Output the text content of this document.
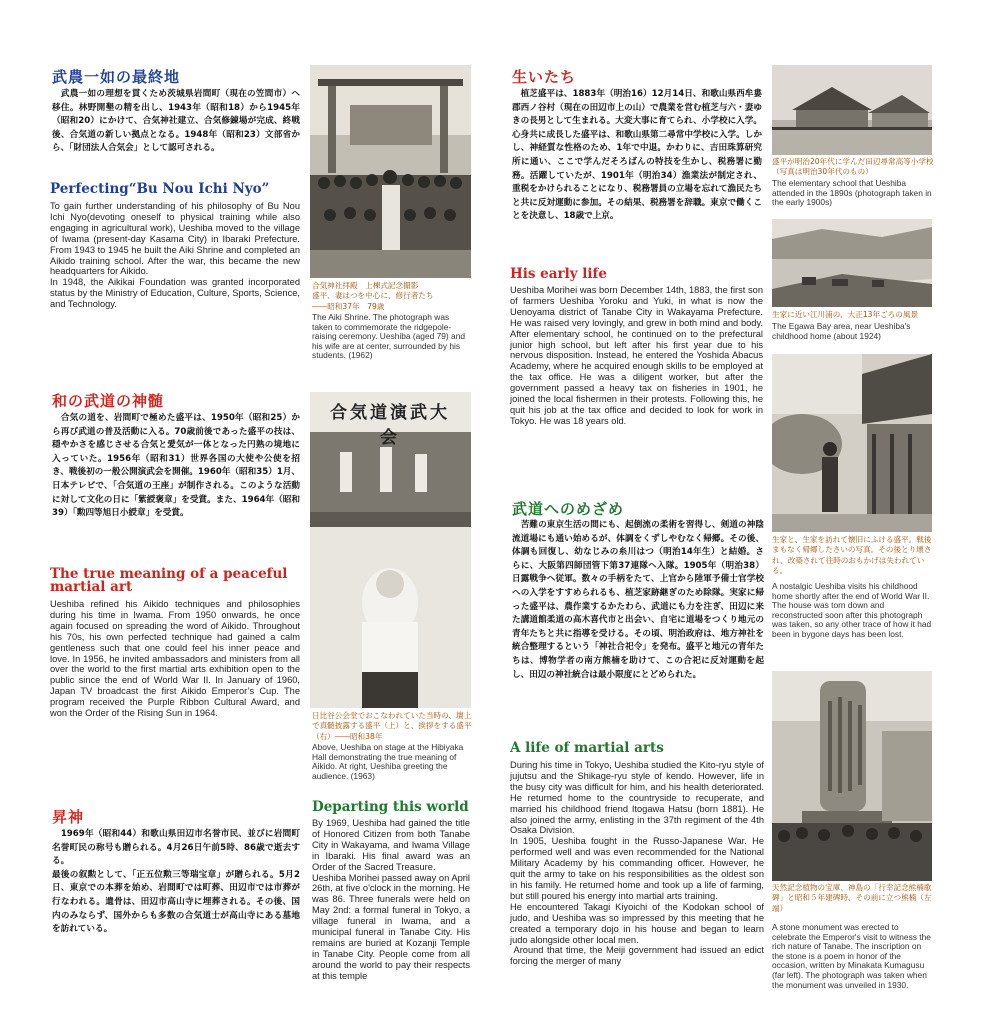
武農一如の最終地

　武農一如の理想を貫くため茨城県岩間町（現在の笠間市）へ移住。林野開墾の精を出し、1943年（昭和18）から1945年（昭和20）にかけて、合気神社建立、合気修錬場が完成、終戦後、合気道の新しい拠点となる。1948年（昭和23）文部省から、「財団法人合気会」として認可される。

Perfecting“Bu Nou Ichi Nyo”

To gain further understanding of his philosophy of Bu Nou Ichi Nyo(devoting oneself to physical training while also engaging in agricultural work), Ueshiba moved to the village of Iwama (present-day Kasama City) in Ibaraki Prefecture. From 1943 to 1945 he built the Aiki Shrine and completed an Aikido training school. After the war, this became the new headquarters for Aikido.
In 1948, the Aikikai Foundation was granted incorporated status by the Ministry of Education, Culture, Sports, Science, and Technology.

和の武道の神髄

　合気の道を、岩間町で極めた盛平は、1950年（昭和25）から再び武道の普及活動に入る。70歳前後であった盛平の技は、穏やかさを感じさせる合気と愛気が一体となった円熟の境地に入っていた。1956年（昭和31）世界各国の大使や公使を招き、戦後初の一般公開演武会を開催。1960年（昭和35）1月、日本テレビで、「合気道の王座」が制作される。このような活動に対して文化の日に「紫綬褒章」を受賞。また、1964年（昭和39）「勲四等旭日小綬章」を受賞。

The true meaning of a peaceful martial art

Ueshiba refined his Aikido techniques and philosophies during his time in Iwama. From 1950 onwards, he once again focused on spreading the word of Aikido. Throughout his 70s, his own perfected technique had gained a calm gentleness such that one could feel his inner peace and love. In 1956, he invited ambassadors and ministers from all over the world to the first martial arts exhibition open to the public since the end of World War II. In January of 1960, Japan TV broadcast the first Aikido Emperor’s Cup. The program received the Purple Ribbon Cultural Award, and won the Order of the Rising Sun in 1964.

昇神

　1969年（昭和44）和歌山県田辺市名誉市民、並びに岩間町名誉町民の称号も贈られる。4月26日午前5時、86歳で逝去する。
最後の叙勲として、「正五位勲三等瑞宝章」が贈られる。5月2日、東京での本葬を始め、岩間町では町葬、田辺市では市葬が行なわれる。遺骨は、田辺市高山寺に埋葬される。その後、国内のみならず、国外からも多数の合気道士が高山寺にある墓地を訪れている。

合気神社拝殿　上棟式記念撮影
盛平、妻はつを中心に、修行者たち
――昭和37年　79歳

The Aiki Shrine. The photograph was taken to commemorate the ridgepole-raising ceremony. Ueshiba (aged 79) and his wife are at center, surrounded by his students. (1962)

合気道演武大会

日比谷公会堂でおこなわれていた当時の、壇上で真髄披露する盛平（上）と、挨拶をする盛平（右）――昭和38年

Above, Ueshiba on stage at the Hibiyaka Hall demonstrating the true meaning of Aikido. At right, Ueshiba greeting the audience. (1963)

Departing this world

By 1969, Ueshiba had gained the title of Honored Citizen from both Tanabe City in Wakayama, and Iwama Village in Ibaraki. His final award was an Order of the Sacred Treasure.
Ueshiba Morihei passed away on April 26th, at five o'clock in the morning. He was 86. Three funerals were held on May 2nd: a formal funeral in Tokyo, a village funeral in Iwama, and a municipal funeral in Tanabe City. His remains are buried at Kozanji Temple in Tanabe City. People come from all around the world to pay their respects at this temple

生いたち

　植芝盛平は、1883年（明治16）12月14日、和歌山県西牟婁郡西ノ谷村（現在の田辺市上の山）で農業を営む植芝与六・妻ゆきの長男として生まれる。大変大事に育てられ、小学校に入学。心身共に成長した盛平は、和歌山県第二尋常中学校に入学。しかし、神経質な性格のため、1年で中退。かわりに、吉田珠算研究所に通い、ここで学んだそろばんの特技を生かし、税務署に勤務。活躍していたが、1901年（明治34）漁業法が制定され、重税をかけられることになり、税務署員の立場を忘れて漁民たちと共に反対運動に参加。その結果、税務署を辞職。東京で働くことを決意し、18歳で上京。

His early life

Ueshiba Morihei was born December 14th, 1883, the first son of farmers Ueshiba Yoroku and Yuki, in what is now the Uenoyama district of Tanabe City in Wakayama Prefecture. He was raised very lovingly, and grew in both mind and body. After elementary school, he continued on to the prefectural junior high school, but left after his first year due to his nervous disposition. Instead, he entered the Yoshida Abacus Academy, where he acquired enough skills to be employed at the tax office. He was a diligent worker, but after the government passed a heavy tax on fisheries in 1901, he joined the local fishermen in their protests. Following this, he quit his job at the tax office and decided to look for work in Tokyo. He was 18 years old.

武道へのめざめ

　苦難の東京生活の間にも、起倒流の柔術を習得し、剣道の神陰流道場にも通い始めるが、体調をくずしやむなく帰郷。その後、体調も回復し、幼なじみの糸川はつ（明治14年生）と結婚。さらに、大阪第四師団管下第37連隊へ入隊。1905年（明治38）日露戦争へ従軍。数々の手柄をたて、上官から陸軍予備士官学校への入学をすすめられるも、植芝家跡継ぎのため除隊。実家に帰った盛平は、農作業するかたわら、武道にも力を注ぎ、田辺に来た講道館柔道の高木喜代市と出会い、自宅に道場をつくり地元の青年たちと共に指導を受ける。その頃、明治政府は、地方神社を統合整理するという「神社合祀令」を発布。盛平と地元の青年たちは、博物学者の南方熊楠を助けて、この合祀に反対運動を起し、田辺の神社統合は最小限度にとどめられた。

A life of martial arts

During his time in Tokyo, Ueshiba studied the Kito-ryu style of jujutsu and the Shikage-ryu style of kendo. However, life in the busy city was difficult for him, and his health deteriorated. He returned home to the countryside to recuperate, and married his childhood friend Itogawa Hatsu (born 1881). He also joined the army, enlisting in the 37th regiment of the 4th Osaka Division.
In 1905, Ueshiba fought in the Russo-Japanese War. He performed well and was even recommended for the National Military Academy by his commanding officer. However, he quit the army to take on his responsibilities as the oldest son in his family. He returned home and took up a life of farming, but still poured his energy into martial arts training.
He encountered Takagi Kiyoichi of the Kodokan school of judo, and Ueshiba was so impressed by this meeting that he created a temporary dojo in his house and began to learn judo alongside other local men.
Around that time, the Meiji government had issued an edict forcing the merger of many

盛平が明治20年代に学んだ田辺尋常高等小学校（写真は明治30年代のもの）

The elementary school that Ueshiba attended in the 1890s (photograph taken in the early 1900s)

生家に近い江川浦の、大正13年ごろの風景

The Egawa Bay area, near Ueshiba's childhood home (about 1924)

生家と、生家を訪れて懐旧にふける盛平。戦後まもなく帰郷したさいの写真。その後とり壊され、改築されて往時のおもかげは失われている。

A nostalgic Ueshiba visits his childhood home shortly after the end of World War II. The house was torn down and reconstructed soon after this photograph was taken, so any other trace of how it had been in bygone days has been lost.

天然記念植物の宝庫、神島の「行幸記念熊楠歌碑」と昭和５年建碑時、その前に立つ熊楠（左端）

A stone monument was erected to celebrate the Emperor's visit to witness the rich nature of Tanabe. The inscription on the stone is a poem in honor of the occasion, written by Minakata Kumagusu (far left). The photograph was taken when the monument was unveiled in 1930.
